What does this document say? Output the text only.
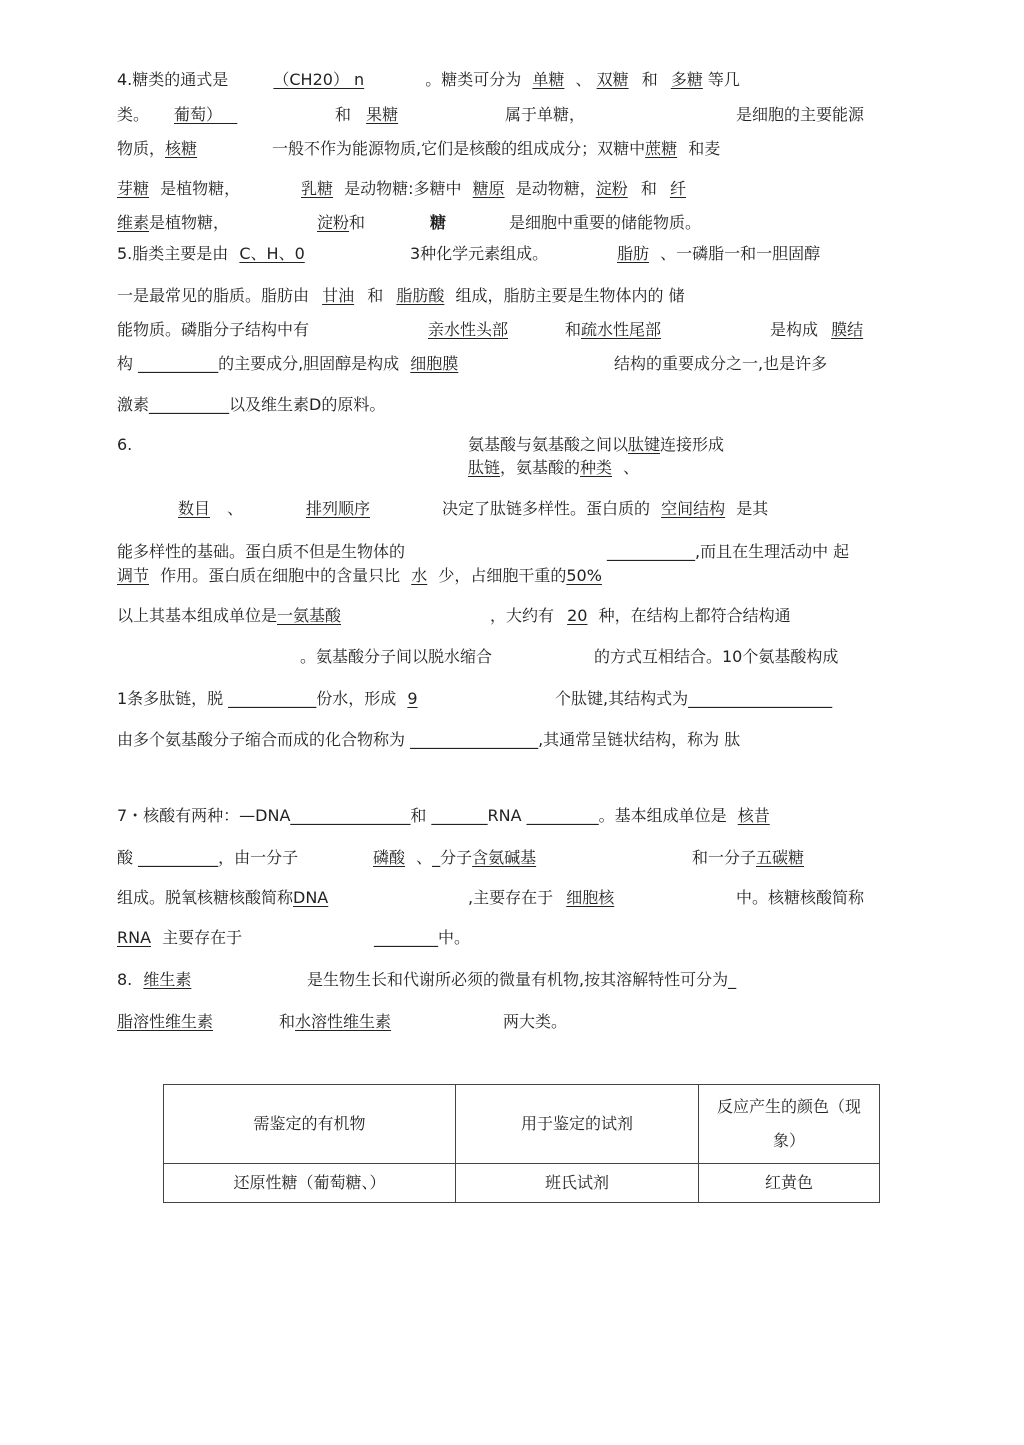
4.糖类的通式是	（CH20） n	。糖类可分为 单糖 、 双糖 和 多糖 等几
类。 葡萄）	和 果糖	属于单糖，	是细胞的主要能源
物质，核糖	一般不作为能源物质,它们是核酸的组成成分；双糖中蔗糖 和麦
芽糖 是植物糖，	乳糖 是动物糖:多糖中 糖原 是动物糖，淀粉 和 纤
维素是植物糖，	淀粉和	糖	是细胞中重要的储能物质。
5.脂类主要是由 C、H、0	3种化学元素组成。	脂肪 、一磷脂一和一胆固醇
一是最常见的脂质。脂肪由 甘油 和 脂肪酸 组成，脂肪主要是生物体内的 储
能物质。磷脂分子结构中有	亲水性头部	和疏水性尾部	是构成 膜结
构 __________的主要成分,胆固醇是构成 细胞膜	结构的重要成分之一,也是许多
激素__________以及维生素D的原料。
6.	氨基酸与氨基酸之间以肽键连接形成
肽链，氨基酸的种类 、
数目 、	排列顺序	决定了肽链多样性。蛋白质的 空间结构 是其
能多样性的基础。蛋白质不但是生物体的	___________,而且在生理活动中 起
调节 作用。蛋白质在细胞中的含量只比 水 少，占细胞干重的50%
以上其基本组成单位是一氨基酸	，大约有 20 种，在结构上都符合结构通
。氨基酸分子间以脱水缩合	的方式互相结合。10个氨基酸构成
1条多肽链，脱 ___________份水，形成 9	个肽键,其结构式为__________________
由多个氨基酸分子缩合而成的化合物称为 ________________,其通常呈链状结构，称为 肽
7・核酸有两种：—DNA_______________和 _______RNA _________。基本组成单位是 核昔
酸 __________，由一分子	磷酸 、_分子含氨碱基	和一分子五碳糖
组成。脱氧核糖核酸简称DNA	,主要存在于 细胞核	中。核糖核酸简称
RNA 主要存在于	________中。
8. 维生素	是生物生长和代谢所必须的微量有机物,按其溶解特性可分为_
脂溶性维生素	和水溶性维生素	两大类。
需鉴定的有机物	用于鉴定的试剂	反应产生的颜色（现象）
还原性糖（葡萄糖、）	班氏试剂	红黄色
